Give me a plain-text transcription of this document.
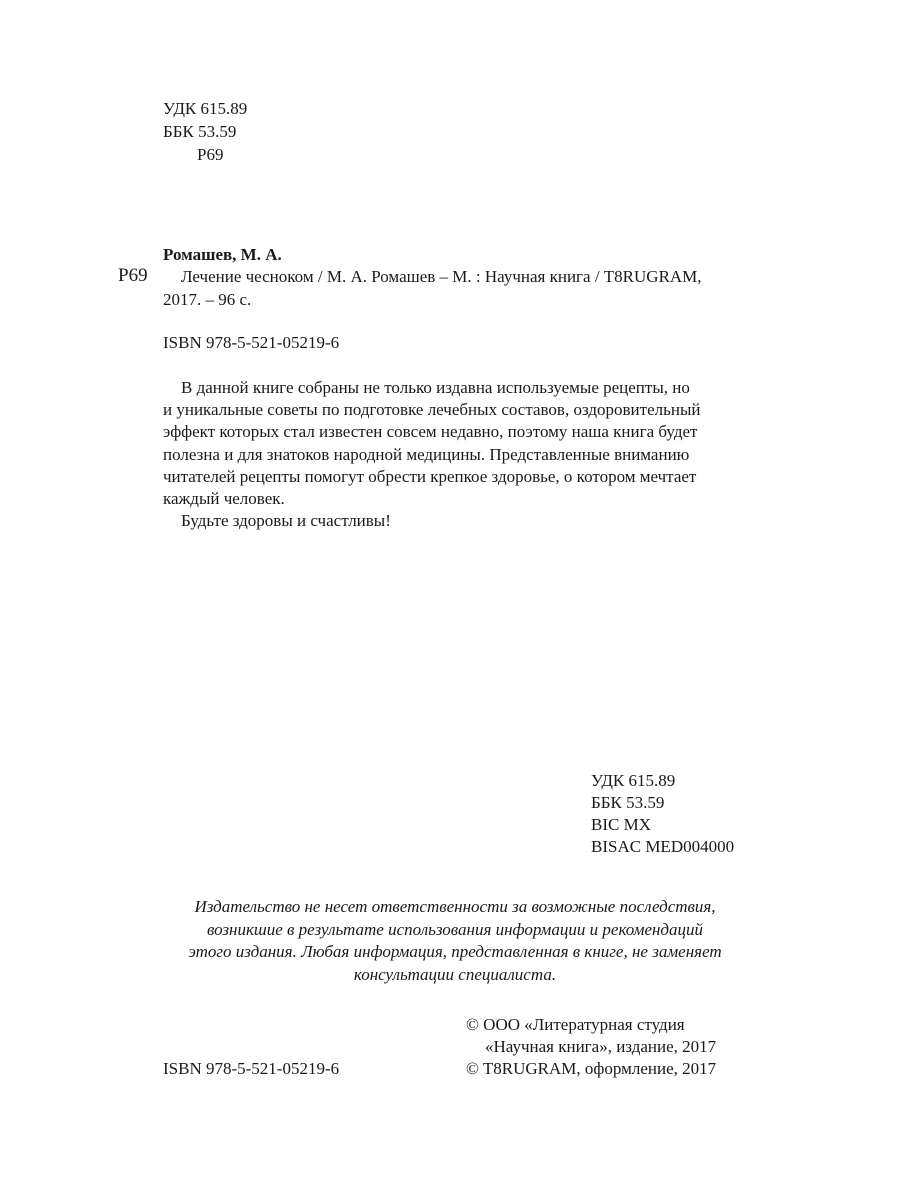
УДК 615.89
ББК 53.59
Р69
Ромашев, М. А.
Р69 Лечение чесноком / М. А. Ромашев – М. : Научная книга / T8RUGRAM,
2017. – 96 с.
ISBN 978-5-521-05219-6
В данной книге собраны не только издавна используемые рецепты, но
и уникальные советы по подготовке лечебных составов, оздоровительный
эффект которых стал известен совсем недавно, поэтому наша книга будет
полезна и для знатоков народной медицины. Представленные вниманию
читателей рецепты помогут обрести крепкое здоровье, о котором мечтает
каждый человек.
Будьте здоровы и счастливы!
УДК 615.89
ББК 53.59
BIC MX
BISAC MED004000
Издательство не несет ответственности за возможные последствия,
возникшие в результате использования информации и рекомендаций
этого издания. Любая информация, представленная в книге, не заменяет
консультации специалиста.
© ООО «Литературная студия
«Научная книга», издание, 2017
ISBN 978-5-521-05219-6	© T8RUGRAM, оформление, 2017
